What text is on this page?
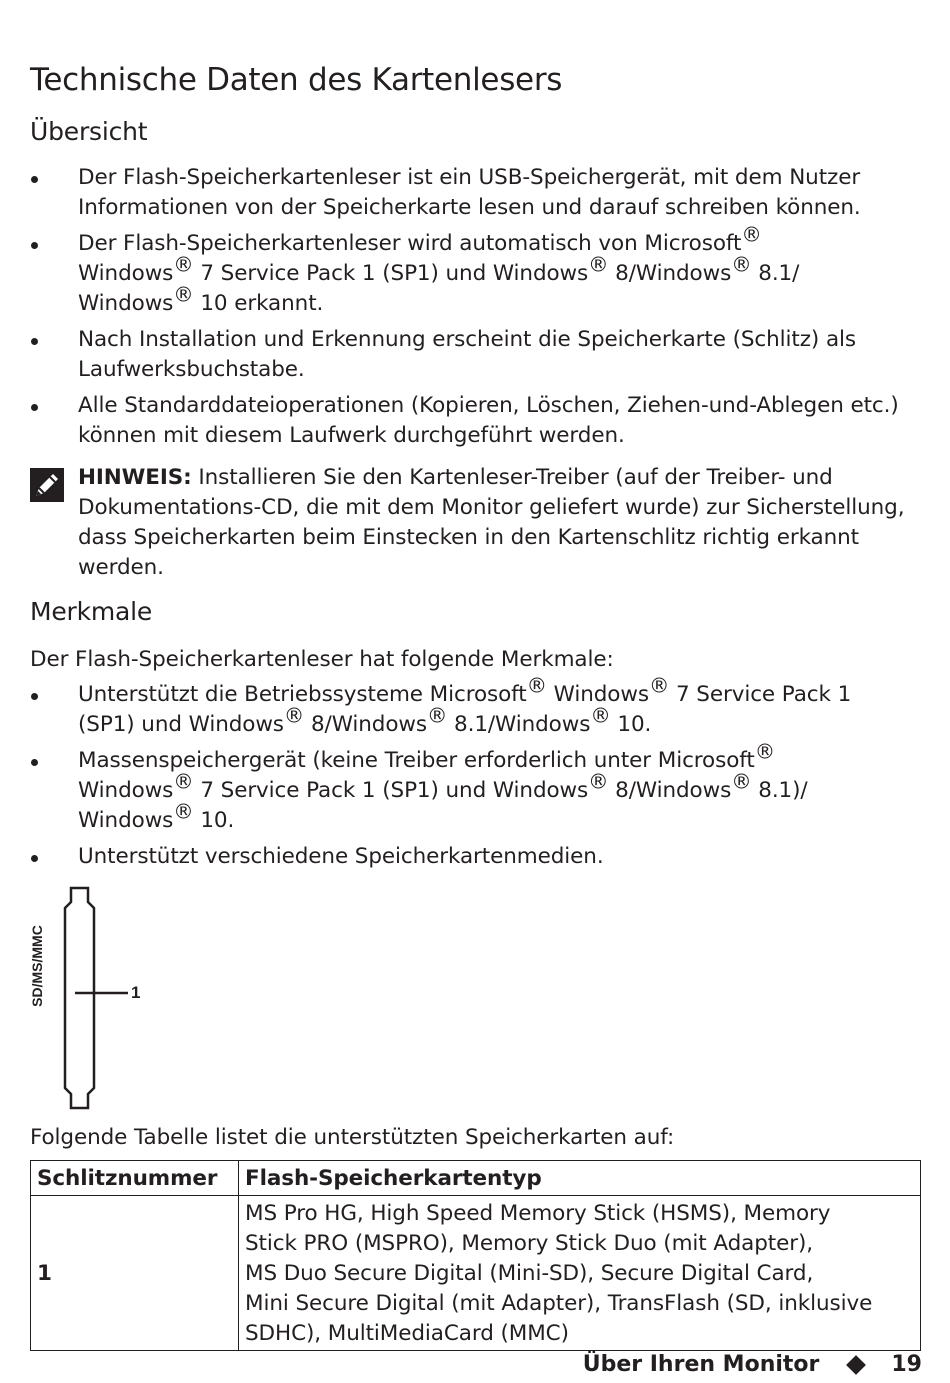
Technische Daten des Kartenlesers
Übersicht
Der Flash-Speicherkartenleser ist ein USB-Speichergerät, mit dem Nutzer Informationen von der Speicherkarte lesen und darauf schreiben können.
Der Flash-Speicherkartenleser wird automatisch von Microsoft®
Windows® 7 Service Pack 1 (SP1) und Windows® 8/Windows® 8.1/ Windows® 10 erkannt.
Nach Installation und Erkennung erscheint die Speicherkarte (Schlitz) als Laufwerksbuchstabe.
Alle Standarddateioperationen (Kopieren, Löschen, Ziehen-und-Ablegen etc.) können mit diesem Laufwerk durchgeführt werden.
HINWEIS: Installieren Sie den Kartenleser-Treiber (auf der Treiber- und Dokumentations-CD, die mit dem Monitor geliefert wurde) zur Sicherstellung, dass Speicherkarten beim Einstecken in den Kartenschlitz richtig erkannt werden.
Merkmale
Der Flash-Speicherkartenleser hat folgende Merkmale:
Unterstützt die Betriebssysteme Microsoft® Windows® 7 Service Pack 1 (SP1) und Windows® 8/Windows® 8.1/Windows® 10.
Massenspeichergerät (keine Treiber erforderlich unter Microsoft®
Windows® 7 Service Pack 1 (SP1) und Windows® 8/Windows® 8.1)/ Windows® 10.
Unterstützt verschiedene Speicherkartenmedien.
SD/MS/MMC	1
Folgende Tabelle listet die unterstützten Speicherkarten auf:
Schlitznummer	Flash-Speicherkartentyp
1	MS Pro HG, High Speed Memory Stick (HSMS), Memory
Stick PRO (MSPRO), Memory Stick Duo (mit Adapter),
MS Duo Secure Digital (Mini-SD), Secure Digital Card,
Mini Secure Digital (mit Adapter), TransFlash (SD, inklusive
SDHC), MultiMediaCard (MMC)
Über Ihren Monitor	19
